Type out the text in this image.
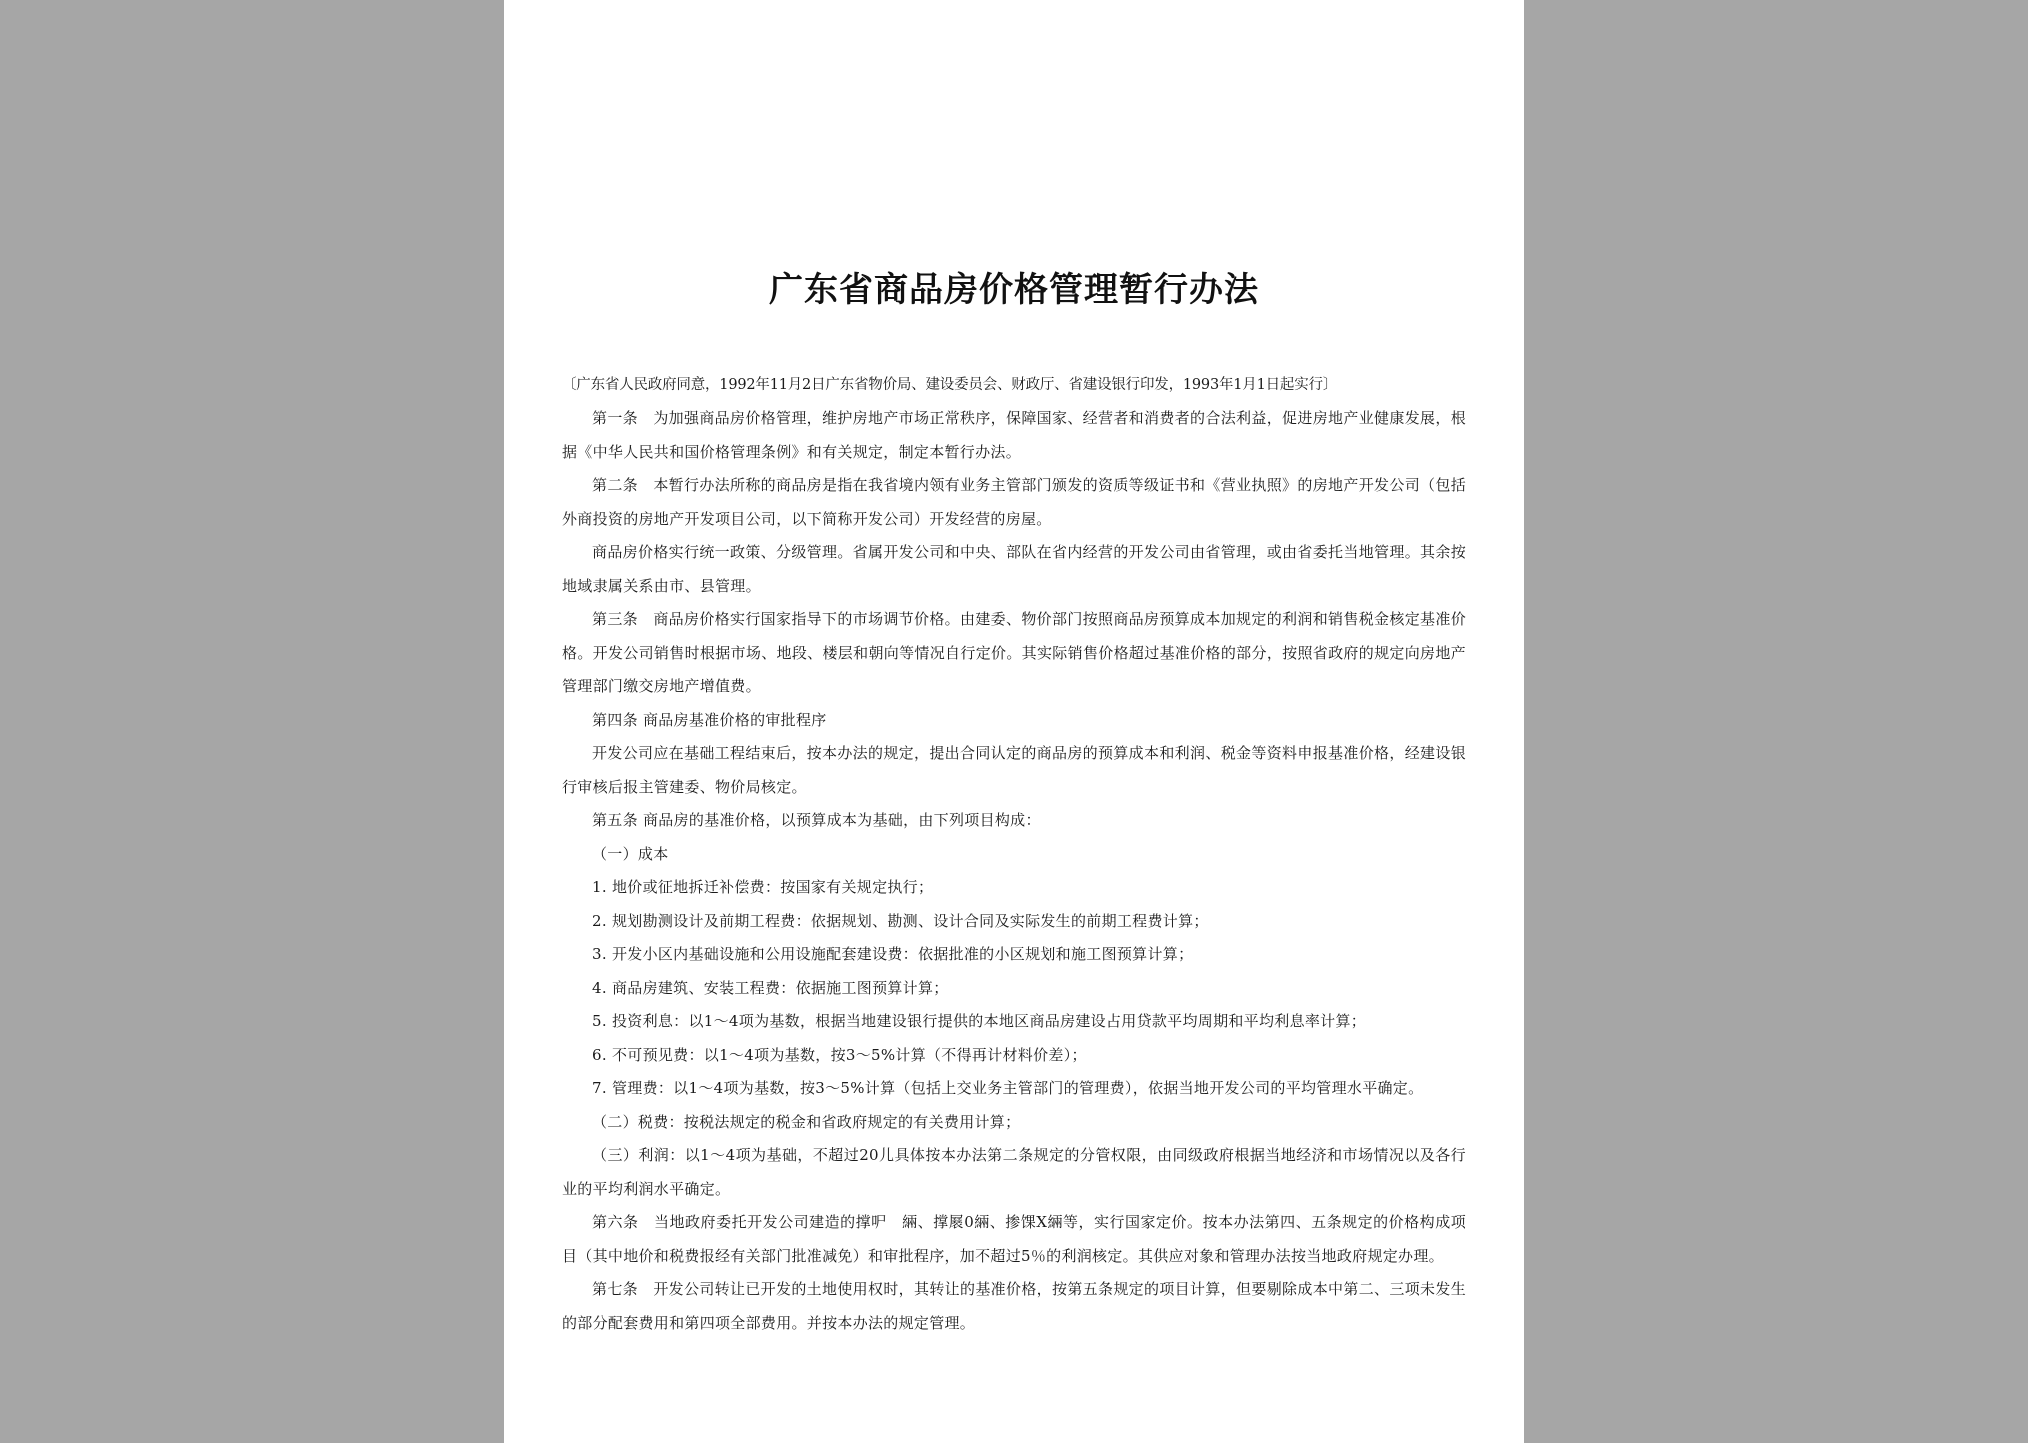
广东省商品房价格管理暂行办法

〔广东省人民政府同意，1992年11月2日广东省物价局、建设委员会、财政厅、省建设银行印发，1993年1月1日起实行〕

第一条　为加强商品房价格管理，维护房地产市场正常秩序，保障国家、经营者和消费者的合法利益，促进房地产业健康发展，根据《中华人民共和国价格管理条例》和有关规定，制定本暂行办法。

第二条　本暂行办法所称的商品房是指在我省境内领有业务主管部门颁发的资质等级证书和《营业执照》的房地产开发公司（包括外商投资的房地产开发项目公司，以下简称开发公司）开发经营的房屋。

商品房价格实行统一政策、分级管理。省属开发公司和中央、部队在省内经营的开发公司由省管理，或由省委托当地管理。其余按地域隶属关系由市、县管理。

第三条　商品房价格实行国家指导下的市场调节价格。由建委、物价部门按照商品房预算成本加规定的利润和销售税金核定基准价格。开发公司销售时根据市场、地段、楼层和朝向等情况自行定价。其实际销售价格超过基准价格的部分，按照省政府的规定向房地产管理部门缴交房地产增值费。

第四条 商品房基准价格的审批程序

开发公司应在基础工程结束后，按本办法的规定，提出合同认定的商品房的预算成本和利润、税金等资料申报基准价格，经建设银行审核后报主管建委、物价局核定。

第五条 商品房的基准价格，以预算成本为基础，由下列项目构成：

（一）成本

1. 地价或征地拆迁补偿费：按国家有关规定执行；

2. 规划勘测设计及前期工程费：依据规划、勘测、设计合同及实际发生的前期工程费计算；

3. 开发小区内基础设施和公用设施配套建设费：依据批准的小区规划和施工图预算计算；

4. 商品房建筑、安装工程费：依据施工图预算计算；

5. 投资利息：以1～4项为基数，根据当地建设银行提供的本地区商品房建设占用贷款平均周期和平均利息率计算；

6. 不可预见费：以1～4项为基数，按3～5%计算（不得再计材料价差）；

7. 管理费：以1～4项为基数，按3～5%计算（包括上交业务主管部门的管理费），依据当地开发公司的平均管理水平确定。

（二）税费：按税法规定的税金和省政府规定的有关费用计算；

（三）利润：以1～4项为基础，不超过20儿具体按本办法第二条规定的分管权限，由同级政府根据当地经济和市场情况以及各行业的平均利润水平确定。

第六条　当地政府委托开发公司建造的撑㕧　緉、撑㞡0緉、掺馃X緉等，实行国家定价。按本办法第四、五条规定的价格构成项目（其中地价和税费报经有关部门批准减免）和审批程序，加不超过5％的利润核定。其供应对象和管理办法按当地政府规定办理。

第七条　开发公司转让已开发的土地使用权时，其转让的基准价格，按第五条规定的项目计算，但要剔除成本中第二、三项未发生的部分配套费用和第四项全部费用。并按本办法的规定管理。
